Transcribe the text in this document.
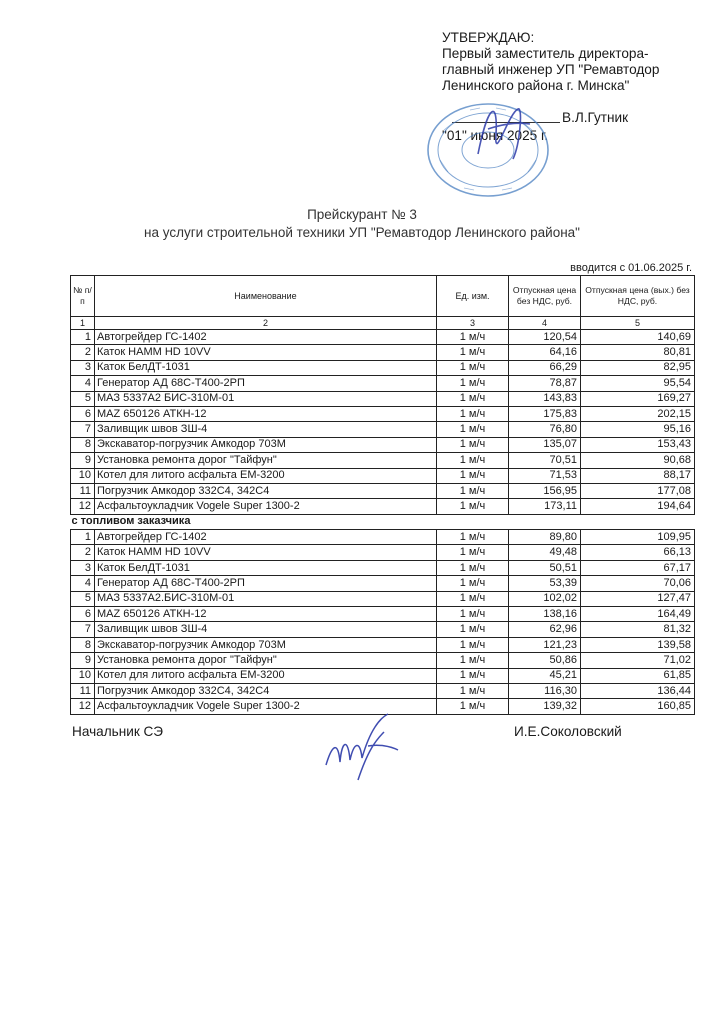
УТВЕРЖДАЮ:
Первый заместитель директора-
главный инженер УП "Ремавтодор
Ленинского района г. Минска"
В.Л.Гутник
"01" июня 2025 г.
Прейскурант № 3
на услуги строительной техники УП "Ремавтодор Ленинского района"
вводится с 01.06.2025 г.
№ п/п	Наименование	Ед. изм.	Отпускная цена без НДС, руб.	Отпускная цена (вых.) без НДС, руб.
1	2	3	4	5
1	Автогрейдер ГС-1402	1 м/ч	120,54	140,69
2	Каток HAMM HD 10VV	1 м/ч	64,16	80,81
3	Каток БелДТ-1031	1 м/ч	66,29	82,95
4	Генератор АД 68С-Т400-2РП	1 м/ч	78,87	95,54
5	МАЗ 5337А2 БИС-310М-01	1 м/ч	143,83	169,27
6	MAZ 650126 АТКН-12	1 м/ч	175,83	202,15
7	Заливщик швов ЗШ-4	1 м/ч	76,80	95,16
8	Экскаватор-погрузчик Амкодор 703М	1 м/ч	135,07	153,43
9	Установка ремонта дорог "Тайфун"	1 м/ч	70,51	90,68
10	Котел для литого асфальта ЕМ-3200	1 м/ч	71,53	88,17
11	Погрузчик Амкодор 332С4, 342С4	1 м/ч	156,95	177,08
12	Асфальтоукладчик Vogele Super 1300-2	1 м/ч	173,11	194,64
с топливом заказчика				
1	Автогрейдер ГС-1402	1 м/ч	89,80	109,95
2	Каток HAMM HD 10VV	1 м/ч	49,48	66,13
3	Каток БелДТ-1031	1 м/ч	50,51	67,17
4	Генератор АД 68С-Т400-2РП	1 м/ч	53,39	70,06
5	МАЗ 5337А2.БИС-310М-01	1 м/ч	102,02	127,47
6	MAZ 650126 АТКН-12	1 м/ч	138,16	164,49
7	Заливщик швов ЗШ-4	1 м/ч	62,96	81,32
8	Экскаватор-погрузчик Амкодор 703М	1 м/ч	121,23	139,58
9	Установка ремонта дорог "Тайфун"	1 м/ч	50,86	71,02
10	Котел для литого асфальта ЕМ-3200	1 м/ч	45,21	61,85
11	Погрузчик Амкодор 332С4, 342С4	1 м/ч	116,30	136,44
12	Асфальтоукладчик Vogele Super 1300-2	1 м/ч	139,32	160,85
Начальник СЭ	И.Е.Соколовский
